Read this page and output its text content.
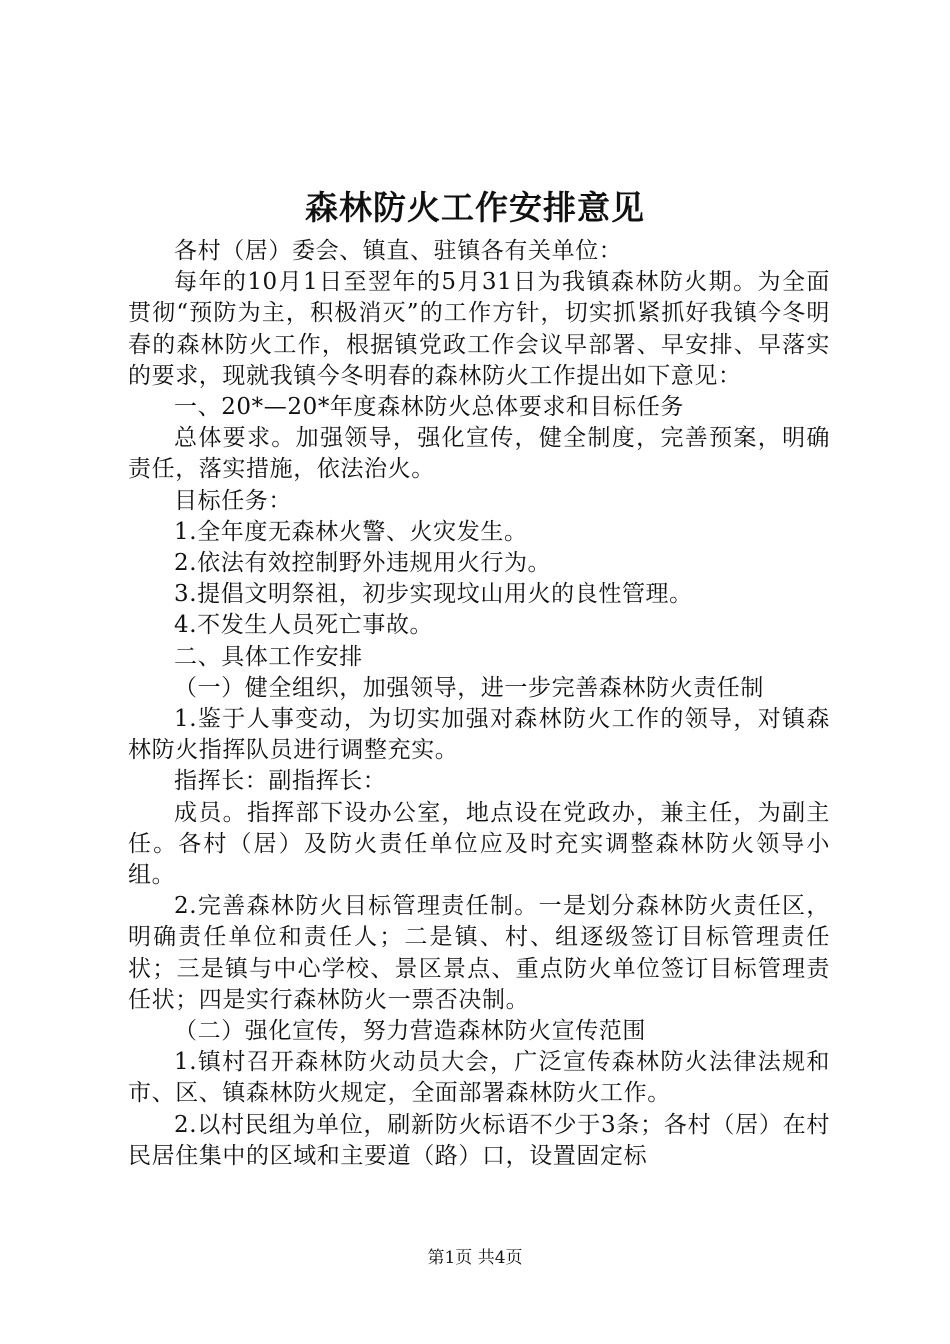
森林防火工作安排意见

各村（居）委会、镇直、驻镇各有关单位：

每年的10月1日至翌年的5月31日为我镇森林防火期。为全面贯彻“预防为主，积极消灭”的工作方针，切实抓紧抓好我镇今冬明春的森林防火工作，根据镇党政工作会议早部署、早安排、早落实的要求，现就我镇今冬明春的森林防火工作提出如下意见：

一、20*—20*年度森林防火总体要求和目标任务

总体要求。加强领导，强化宣传，健全制度，完善预案，明确责任，落实措施，依法治火。

目标任务：

1.全年度无森林火警、火灾发生。

2.依法有效控制野外违规用火行为。

3.提倡文明祭祖，初步实现坟山用火的良性管理。

4.不发生人员死亡事故。

二、具体工作安排

（一）健全组织，加强领导，进一步完善森林防火责任制

1.鉴于人事变动，为切实加强对森林防火工作的领导，对镇森林防火指挥队员进行调整充实。

指挥长：副指挥长：

成员。指挥部下设办公室，地点设在党政办，兼主任，为副主任。各村（居）及防火责任单位应及时充实调整森林防火领导小组。

2.完善森林防火目标管理责任制。一是划分森林防火责任区，明确责任单位和责任人；二是镇、村、组逐级签订目标管理责任状；三是镇与中心学校、景区景点、重点防火单位签订目标管理责任状；四是实行森林防火一票否决制。

（二）强化宣传，努力营造森林防火宣传范围

1.镇村召开森林防火动员大会，广泛宣传森林防火法律法规和市、区、镇森林防火规定，全面部署森林防火工作。

2.以村民组为单位，刷新防火标语不少于3条；各村（居）在村民居住集中的区域和主要道（路）口，设置固定标

第1页 共4页
